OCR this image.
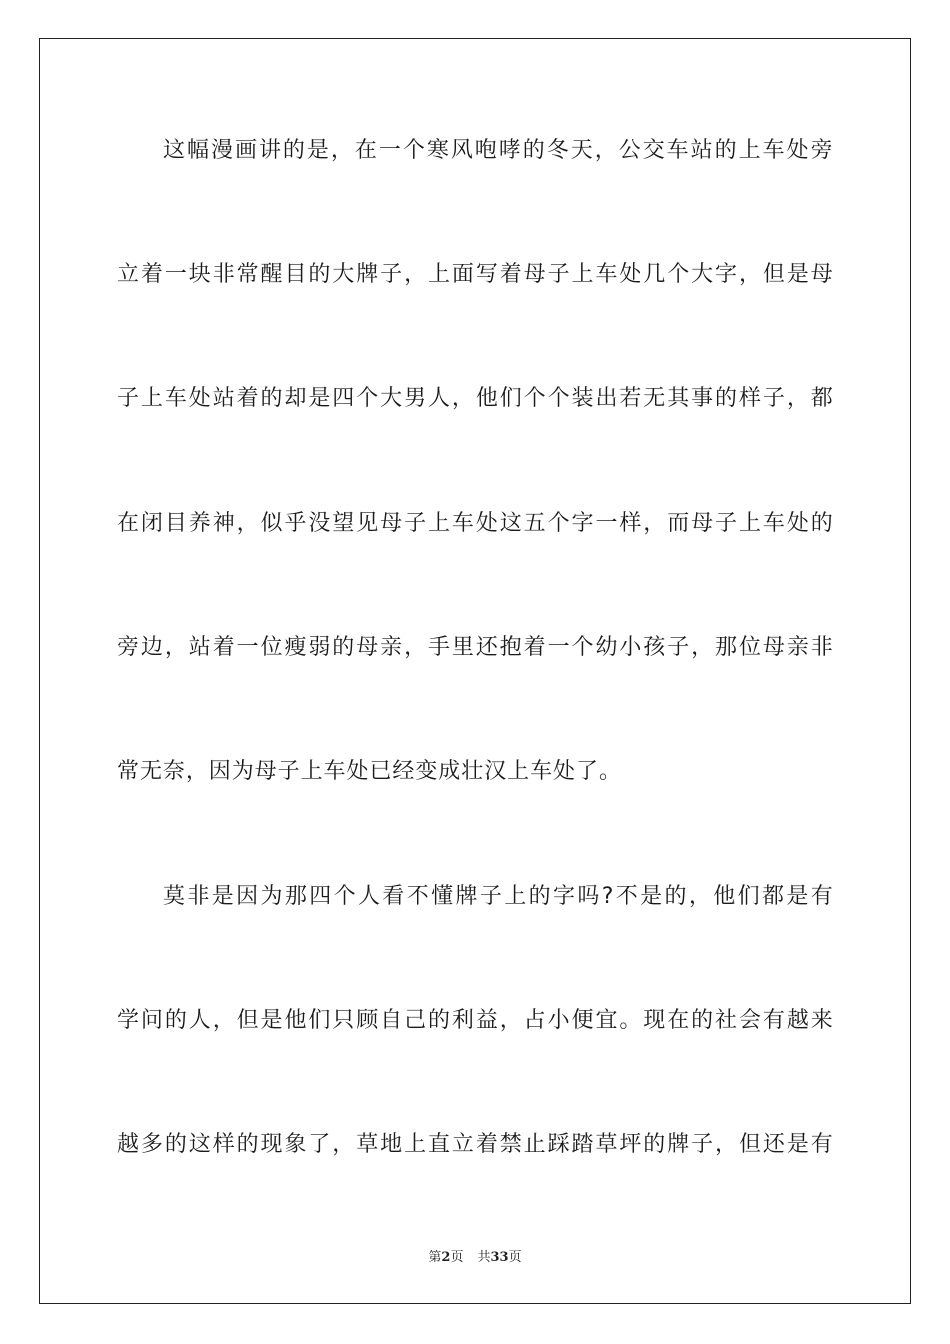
这 幅 漫 画 讲 的 是 ， 在 一 个 寒 风 咆 哮 的 冬 天 ， 公 交 车 站 的 上 车 处 旁
立 着 一 块 非 常 醒 目 的 大 牌 子 ， 上 面 写 着 母 子 上 车 处 几 个 大 字 ， 但 是 母
子 上 车 处 站 着 的 却 是 四 个 大 男 人 ， 他 们 个 个 装 出 若 无 其 事 的 样 子 ， 都
在 闭 目 养 神 ， 似 乎 没 望 见 母 子 上 车 处 这 五 个 字 一 样 ， 而 母 子 上 车 处 的
旁 边 ， 站 着 一 位 瘦 弱 的 母 亲 ， 手 里 还 抱 着 一 个 幼 小 孩 子 ， 那 位 母 亲 非
常无奈，因为母子上车处已经变成壮汉上车处了。
莫 非 是 因 为 那 四 个 人 看 不 懂 牌 子 上 的 字 吗 ? 不 是 的 ， 他 们 都 是 有
学 问 的 人 ， 但 是 他 们 只 顾 自 己 的 利 益 ， 占 小 便 宜 。 现 在 的 社 会 有 越 来
越 多 的 这 样 的 现 象 了 ， 草 地 上 直 立 着 禁 止 踩 踏 草 坪 的 牌 子 ， 但 还 是 有
第2页 共33页
